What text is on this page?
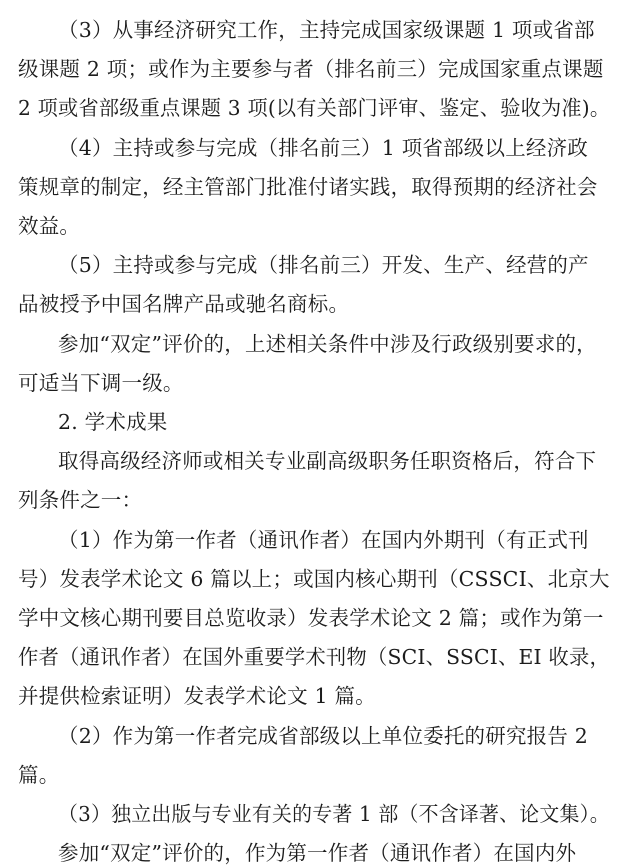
（3）从事经济研究工作，主持完成国家级课题 1 项或省部
级课题 2 项；或作为主要参与者（排名前三）完成国家重点课题
2 项或省部级重点课题 3 项(以有关部门评审、鉴定、验收为准)。
（4）主持或参与完成（排名前三）1 项省部级以上经济政
策规章的制定，经主管部门批准付诸实践，取得预期的经济社会
效益。
（5）主持或参与完成（排名前三）开发、生产、经营的产
品被授予中国名牌产品或驰名商标。
参加“双定”评价的，上述相关条件中涉及行政级别要求的，
可适当下调一级。
2. 学术成果
取得高级经济师或相关专业副高级职务任职资格后，符合下
列条件之一：
（1）作为第一作者（通讯作者）在国内外期刊（有正式刊
号）发表学术论文 6 篇以上；或国内核心期刊（CSSCI、北京大
学中文核心期刊要目总览收录）发表学术论文 2 篇；或作为第一
作者（通讯作者）在国外重要学术刊物（SCI、SSCI、EI 收录，
并提供检索证明）发表学术论文 1 篇。
（2）作为第一作者完成省部级以上单位委托的研究报告 2
篇。
（3）独立出版与专业有关的专著 1 部（不含译著、论文集）。
参加“双定”评价的，作为第一作者（通讯作者）在国内外
